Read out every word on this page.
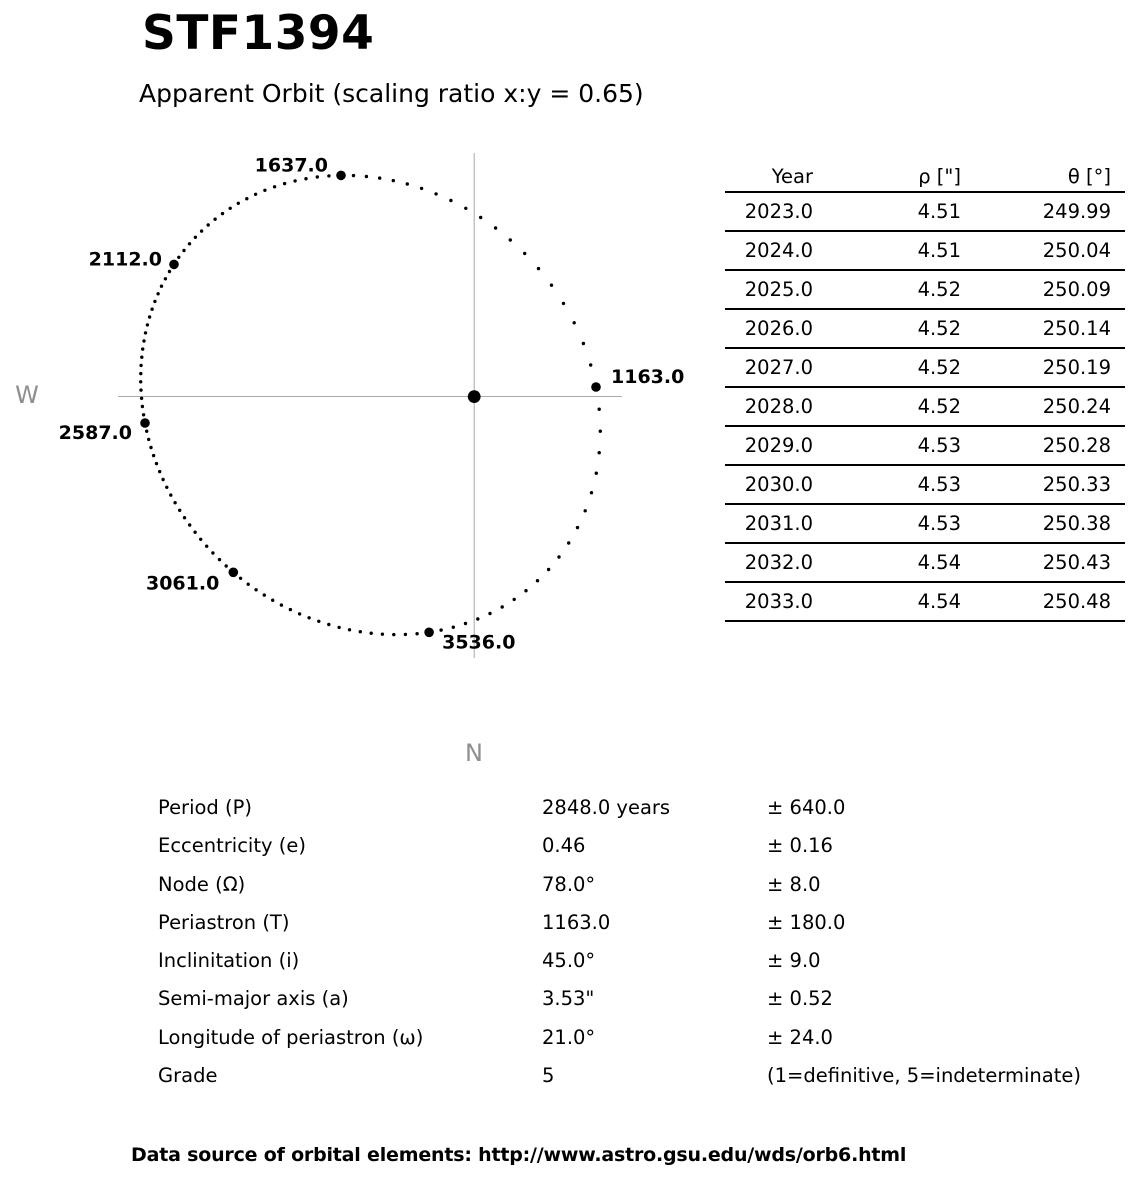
STF1394
Apparent Orbit (scaling ratio x:y = 0.65)
1163.0
1637.0
2112.0
2587.0
3061.0
3536.0
W
N
Year	ρ ["]	θ [°]
2023.0	4.51	249.99
2024.0	4.51	250.04
2025.0	4.52	250.09
2026.0	4.52	250.14
2027.0	4.52	250.19
2028.0	4.52	250.24
2029.0	4.53	250.28
2030.0	4.53	250.33
2031.0	4.53	250.38
2032.0	4.54	250.43
2033.0	4.54	250.48
Period (P)	2848.0 years	± 640.0
Eccentricity (e)	0.46	± 0.16
Node (Ω)	78.0°	± 8.0
Periastron (T)	1163.0	± 180.0
Inclinitation (i)	45.0°	± 9.0
Semi-major axis (a)	3.53"	± 0.52
Longitude of periastron (ω)	21.0°	± 24.0
Grade	5	(1=definitive, 5=indeterminate)
Data source of orbital elements: http://www.astro.gsu.edu/wds/orb6.html
